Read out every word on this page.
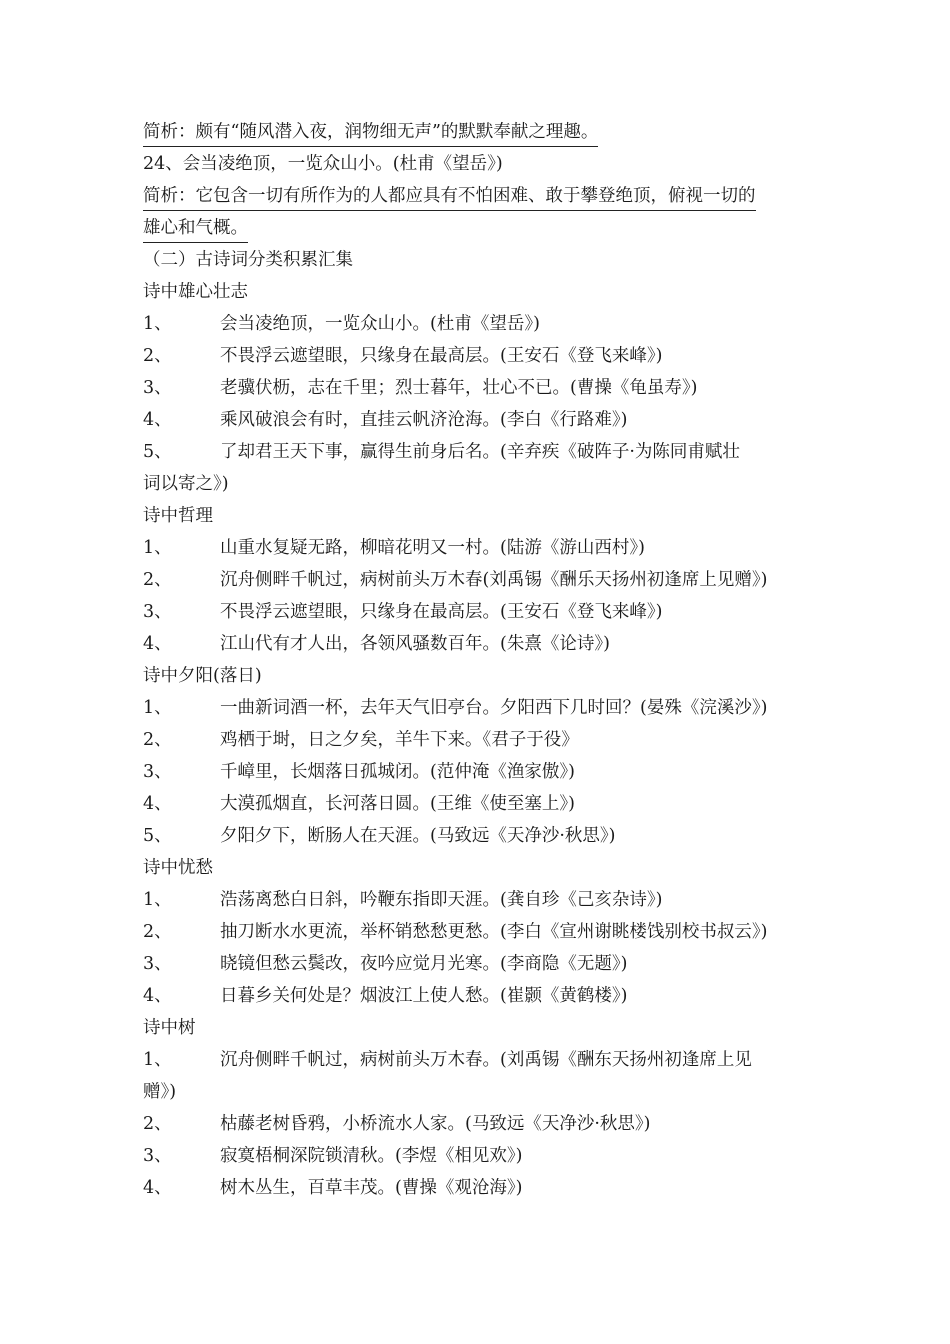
简析：颇有“随风潜入夜，润物细无声”的默默奉献之理趣。
24、会当凌绝顶，一览众山小。(杜甫《望岳》)
简析：它包含一切有所作为的人都应具有不怕困难、敢于攀登绝顶，俯视一切的
雄心和气概。
（二）古诗词分类积累汇集
诗中雄心壮志
1、	会当凌绝顶，一览众山小。(杜甫《望岳》)
2、	不畏浮云遮望眼，只缘身在最高层。(王安石《登飞来峰》)
3、	老骥伏枥，志在千里；烈士暮年，壮心不已。(曹操《龟虽寿》)
4、	乘风破浪会有时，直挂云帆济沧海。(李白《行路难》)
5、	了却君王天下事，赢得生前身后名。(辛弃疾《破阵子·为陈同甫赋壮
词以寄之》)
诗中哲理
1、	山重水复疑无路，柳暗花明又一村。(陆游《游山西村》)
2、	沉舟侧畔千帆过，病树前头万木春(刘禹锡《酬乐天扬州初逢席上见赠》)
3、	不畏浮云遮望眼，只缘身在最高层。(王安石《登飞来峰》)
4、	江山代有才人出，各领风骚数百年。(朱熹《论诗》)
诗中夕阳(落日)
1、	一曲新词酒一杯，去年天气旧亭台。夕阳西下几时回？(晏殊《浣溪沙》)
2、	鸡栖于埘，日之夕矣，羊牛下来。《君子于役》
3、	千嶂里，长烟落日孤城闭。(范仲淹《渔家傲》)
4、	大漠孤烟直，长河落日圆。(王维《使至塞上》)
5、	夕阳夕下，断肠人在天涯。(马致远《天净沙·秋思》)
诗中忧愁
1、	浩荡离愁白日斜，吟鞭东指即天涯。(龚自珍《己亥杂诗》)
2、	抽刀断水水更流，举杯销愁愁更愁。(李白《宣州谢眺楼饯别校书叔云》)
3、	晓镜但愁云鬓改，夜吟应觉月光寒。(李商隐《无题》)
4、	日暮乡关何处是？烟波江上使人愁。(崔颢《黄鹤楼》)
诗中树
1、	沉舟侧畔千帆过，病树前头万木春。(刘禹锡《酬东天扬州初逢席上见
赠》)
2、	枯藤老树昏鸦，小桥流水人家。(马致远《天净沙·秋思》)
3、	寂寞梧桐深院锁清秋。(李煜《相见欢》)
4、	树木丛生，百草丰茂。(曹操《观沧海》)
